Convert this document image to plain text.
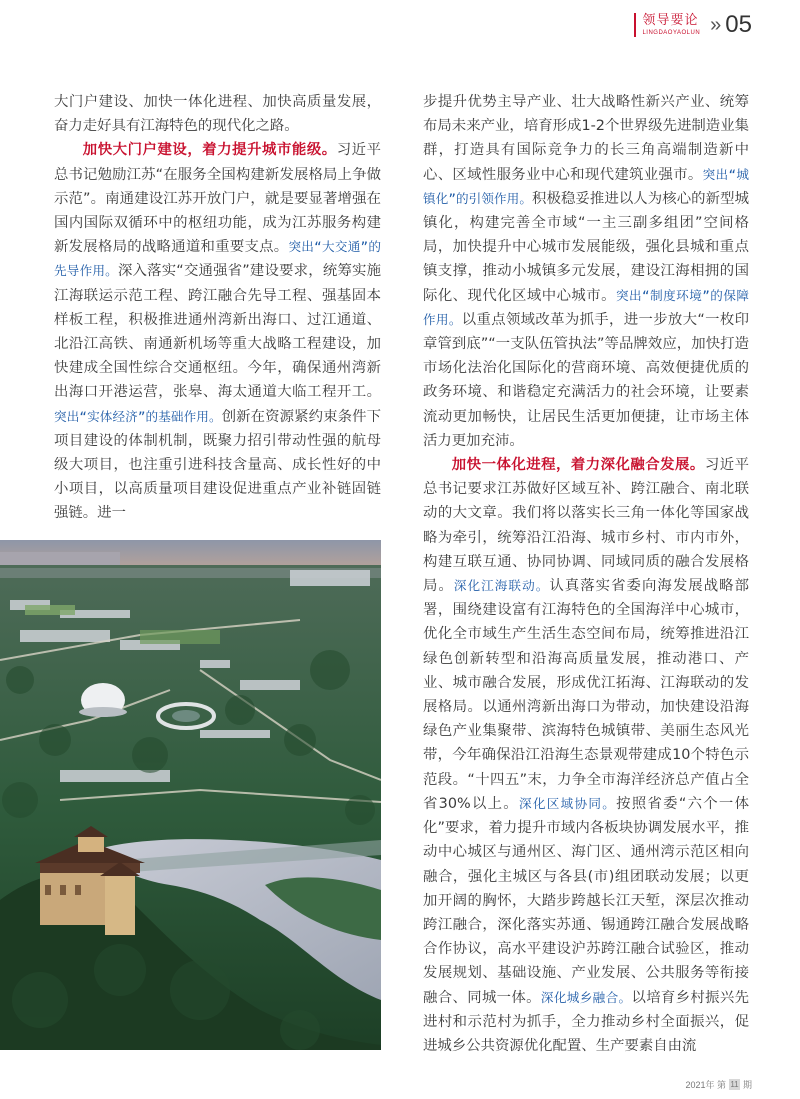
领导要论
LINGDAOYAOLUN » 05

大门户建设、加快一体化进程、加快高质量发展，奋力走好具有江海特色的现代化之路。

加快大门户建设，着力提升城市能级。习近平总书记勉励江苏“在服务全国构建新发展格局上争做示范”。南通建设江苏开放门户，就是要显著增强在国内国际双循环中的枢纽功能，成为江苏服务构建新发展格局的战略通道和重要支点。突出“大交通”的先导作用。深入落实“交通强省”建设要求，统筹实施江海联运示范工程、跨江融合先导工程、强基固本样板工程，积极推进通州湾新出海口、过江通道、北沿江高铁、南通新机场等重大战略工程建设，加快建成全国性综合交通枢纽。今年，确保通州湾新出海口开港运营，张皋、海太通道大临工程开工。突出“实体经济”的基础作用。创新在资源紧约束条件下项目建设的体制机制，既聚力招引带动性强的航母级大项目，也注重引进科技含量高、成长性好的中小项目，以高质量项目建设促进重点产业补链固链强链。进一

步提升优势主导产业、壮大战略性新兴产业、统筹布局未来产业，培育形成1-2个世界级先进制造业集群，打造具有国际竞争力的长三角高端制造新中心、区域性服务业中心和现代建筑业强市。突出“城镇化”的引领作用。积极稳妥推进以人为核心的新型城镇化，构建完善全市域“一主三副多组团”空间格局，加快提升中心城市发展能级，强化县城和重点镇支撑，推动小城镇多元发展，建设江海相拥的国际化、现代化区域中心城市。突出“制度环境”的保障作用。以重点领域改革为抓手，进一步放大“一枚印章管到底”“一支队伍管执法”等品牌效应，加快打造市场化法治化国际化的营商环境、高效便捷优质的政务环境、和谐稳定充满活力的社会环境，让要素流动更加畅快，让居民生活更加便捷，让市场主体活力更加充沛。

加快一体化进程，着力深化融合发展。习近平总书记要求江苏做好区域互补、跨江融合、南北联动的大文章。我们将以落实长三角一体化等国家战略为牵引，统筹沿江沿海、城市乡村、市内市外，构建互联互通、协同协调、同域同质的融合发展格局。深化江海联动。认真落实省委向海发展战略部署，围绕建设富有江海特色的全国海洋中心城市，优化全市域生产生活生态空间布局，统筹推进沿江绿色创新转型和沿海高质量发展，推动港口、产业、城市融合发展，形成优江拓海、江海联动的发展格局。以通州湾新出海口为带动，加快建设沿海绿色产业集聚带、滨海特色城镇带、美丽生态风光带，今年确保沿江沿海生态景观带建成10个特色示范段。“十四五”末，力争全市海洋经济总产值占全省30%以上。深化区域协同。按照省委“六个一体化”要求，着力提升市域内各板块协调发展水平，推动中心城区与通州区、海门区、通州湾示范区相向融合，强化主城区与各县(市)组团联动发展；以更加开阔的胸怀，大踏步跨越长江天堑，深层次推动跨江融合，深化落实苏通、锡通跨江融合发展战略合作协议，高水平建设沪苏跨江融合试验区，推动发展规划、基础设施、产业发展、公共服务等衔接融合、同城一体。深化城乡融合。以培育乡村振兴先进村和示范村为抓手，全力推动乡村全面振兴，促进城乡公共资源优化配置、生产要素自由流

2021年 第 11 期
